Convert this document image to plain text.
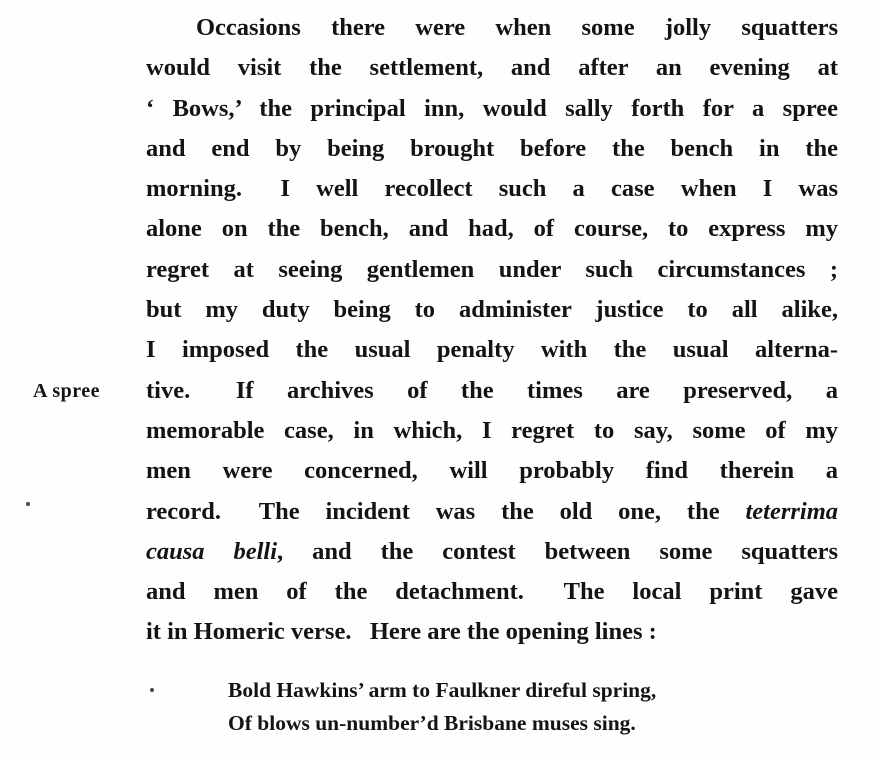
A spree
Occasions there were when some jolly squatters
would visit the settlement, and after an evening at
‘ Bows,’ the principal inn, would sally forth for a spree
and end by being brought before the bench in the
morning.  I well recollect such a case when I was
alone on the bench, and had, of course, to express my
regret at seeing gentlemen under such circumstances ;
but my duty being to administer justice to all alike,
I imposed the usual penalty with the usual alterna-
tive.  If archives of the times are preserved, a
memorable case, in which, I regret to say, some of my
men were concerned, will probably find therein a
record.  The incident was the old one, the teterrima
causa belli, and the contest between some squatters
and men of the detachment.  The local print gave
it in Homeric verse.  Here are the opening lines :
Bold Hawkins’ arm to Faulkner direful spring,
Of blows un-number’d Brisbane muses sing.
